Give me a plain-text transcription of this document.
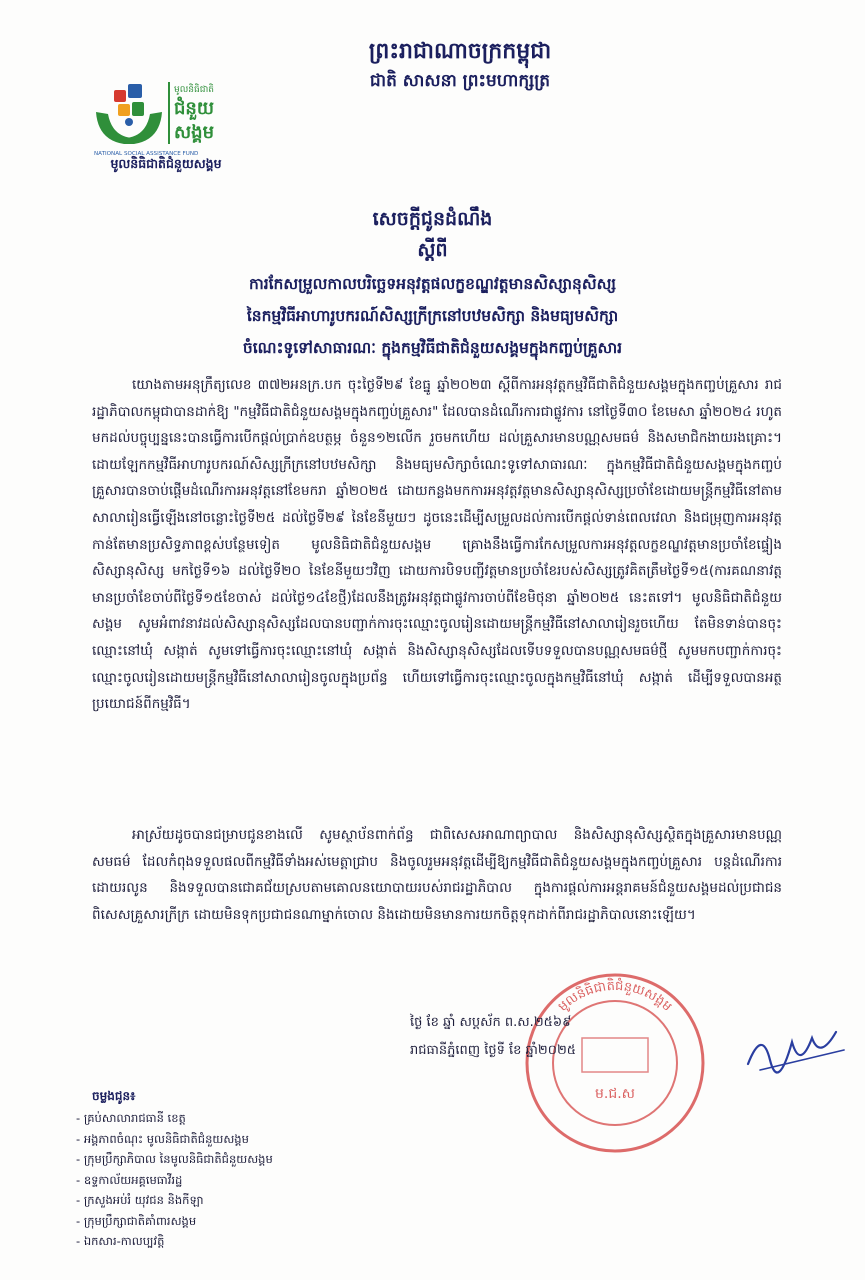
ព្រះរាជាណាចក្រកម្ពុជា
ជាតិ សាសនា ព្រះមហាក្សត្រ
មូលនិធិជាតិ
ជំនួយ
សង្គម
NATIONAL SOCIAL ASSISTANCE FUND
មូលនិធិជាតិជំនួយសង្គម
សេចក្តីជូនដំណឹង
ស្តីពី
ការកែសម្រួលកាលបរិច្ឆេទអនុវត្តផលក្ខខណ្ឌវត្តមានសិស្សានុសិស្ស
នៃកម្មវិធីអាហារូបករណ៍សិស្សក្រីក្រនៅបឋមសិក្សា និងមធ្យមសិក្សា
ចំណេះទូទៅសាធារណៈ ក្នុងកម្មវិធីជាតិជំនួយសង្គមក្នុងកញ្ចប់គ្រួសារ

យោងតាមអនុក្រឹត្យលេខ ៣៧២អនក្រ.បក ចុះថ្ងៃទី២៩ ខែធ្នូ ឆ្នាំ២០២៣ ស្តីពីការអនុវត្តកម្មវិធីជាតិជំនួយសង្គមក្នុងកញ្ចប់គ្រួសារ រាជរដ្ឋាភិបាលកម្ពុជាបានដាក់ឱ្យ "កម្មវិធីជាតិជំនួយសង្គមក្នុងកញ្ចប់គ្រួសារ" ដែលបានដំណើរការជាផ្លូវការ នៅថ្ងៃទី៣០ ខែមេសា ឆ្នាំ២០២៤ រហូតមកដល់បច្ចុប្បន្ននេះបានធ្វើការបើកផ្តល់ប្រាក់ឧបត្ថម្ភ ចំនួន១២លើក រួចមកហើយ ដល់គ្រួសារមានបណ្ណសមធម៌ និងសមាជិកងាយរងគ្រោះ។ ដោយឡែកកម្មវិធីអាហារូបករណ៍សិស្សក្រីក្រនៅបឋមសិក្សា និងមធ្យមសិក្សាចំណេះទូទៅសាធារណៈ ក្នុងកម្មវិធីជាតិជំនួយសង្គមក្នុងកញ្ចប់គ្រួសារបានចាប់ផ្តើមដំណើរការអនុវត្តនៅខែមករា ឆ្នាំ២០២៥ ដោយកន្លងមកការអនុវត្តវត្តមានសិស្សានុសិស្សប្រចាំខែដោយមន្ត្រីកម្មវិធីនៅតាមសាលារៀនធ្វើឡើងនៅចន្លោះថ្ងៃទី២៥ ដល់ថ្ងៃទី២៩ នៃខែនីមួយៗ ដូចនេះដើម្បីសម្រួលដល់ការបើកផ្តល់ទាន់ពេលវេលា និងជម្រុញការអនុវត្តកាន់តែមានប្រសិទ្ធភាពខ្ពស់បន្ថែមទៀត មូលនិធិជាតិជំនួយសង្គម គ្រោងនឹងធ្វើការកែសម្រួលការអនុវត្តលក្ខខណ្ឌវត្តមានប្រចាំខែផ្ទៀងសិស្សានុសិស្ស មកថ្ងៃទី១៦ ដល់ថ្ងៃទី២០ នៃខែនីមួយៗវិញ ដោយការបិទបញ្ជីវត្តមានប្រចាំខែរបស់សិស្សត្រូវគិតត្រឹមថ្ងៃទី១៥(ការគណនាវត្តមានប្រចាំខែចាប់ពីថ្ងៃទី១៥ខែចាស់ ដល់ថ្ងៃ១៤ខែថ្មី)ដែលនឹងត្រូវអនុវត្តជាផ្លូវការចាប់ពីខែមិថុនា ឆ្នាំ២០២៥ នេះតទៅ។ មូលនិធិជាតិជំនួយសង្គម សូមអំពាវនាវដល់សិស្សានុសិស្សដែលបានបញ្ជាក់ការចុះឈ្មោះចូលរៀនដោយមន្ត្រីកម្មវិធីនៅសាលារៀនរួចហើយ តែមិនទាន់បានចុះឈ្មោះនៅឃុំ សង្កាត់ សូមទៅធ្វើការចុះឈ្មោះនៅឃុំ សង្កាត់ និងសិស្សានុសិស្សដែលទើបទទួលបានបណ្ណសមធម៌ថ្មី សូមមកបញ្ជាក់ការចុះឈ្មោះចូលរៀនដោយមន្ត្រីកម្មវិធីនៅសាលារៀនចូលក្នុងប្រព័ន្ធ ហើយទៅធ្វើការចុះឈ្មោះចូលក្នុងកម្មវិធីនៅឃុំ សង្កាត់ ដើម្បីទទួលបានអត្ថប្រយោជន៍ពីកម្មវិធី។

អាស្រ័យដូចបានជម្រាបជូនខាងលើ សូមស្ថាប័នពាក់ព័ន្ធ ជាពិសេសអាណាព្យាបាល និងសិស្សានុសិស្សស្ថិតក្នុងគ្រួសារមានបណ្ណសមធម៌ ដែលកំពុងទទួលផលពីកម្មវិធីទាំងអស់មេត្តាជ្រាប និងចូលរួមអនុវត្តដើម្បីឱ្យកម្មវិធីជាតិជំនួយសង្គមក្នុងកញ្ចប់គ្រួសារ បន្តដំណើរការដោយរលូន និងទទួលបានជោគជ័យស្របតាមគោលនយោបាយរបស់រាជរដ្ឋាភិបាល ក្នុងការផ្តល់ការអន្តរាគមន៍ជំនួយសង្គមដល់ប្រជាជន ពិសេសគ្រួសារក្រីក្រ ដោយមិនទុកប្រជាជនណាម្នាក់ចោល និងដោយមិនមានការយកចិត្តទុកដាក់ពីរាជរដ្ឋាភិបាលនោះឡើយ។

មូលនិធិជាតិជំនួយសង្គម
ម.ជ.ស
ថ្ងៃ ខែ ឆ្នាំ សប្តស័ក ព.ស.២៥៦៩
រាជធានីភ្នំពេញ ថ្ងៃទី ខែ ឆ្នាំ២០២៥
ចម្លងជូន៖
- គ្រប់សាលារាជធានី ខេត្ត
- អង្គភាពចំណុះ មូលនិធិជាតិជំនួយសង្គម
- ក្រុមប្រឹក្សាភិបាល នៃមូលនិធិជាតិជំនួយសង្គម
- ឧទ្ទកាល័យអគ្គមេធាវីរដ្ឋ
- ក្រសួងអប់រំ យុវជន និងកីឡា
- ក្រុមប្រឹក្សាជាតិគាំពារសង្គម
- ឯកសារ-កាលប្បវត្តិ
